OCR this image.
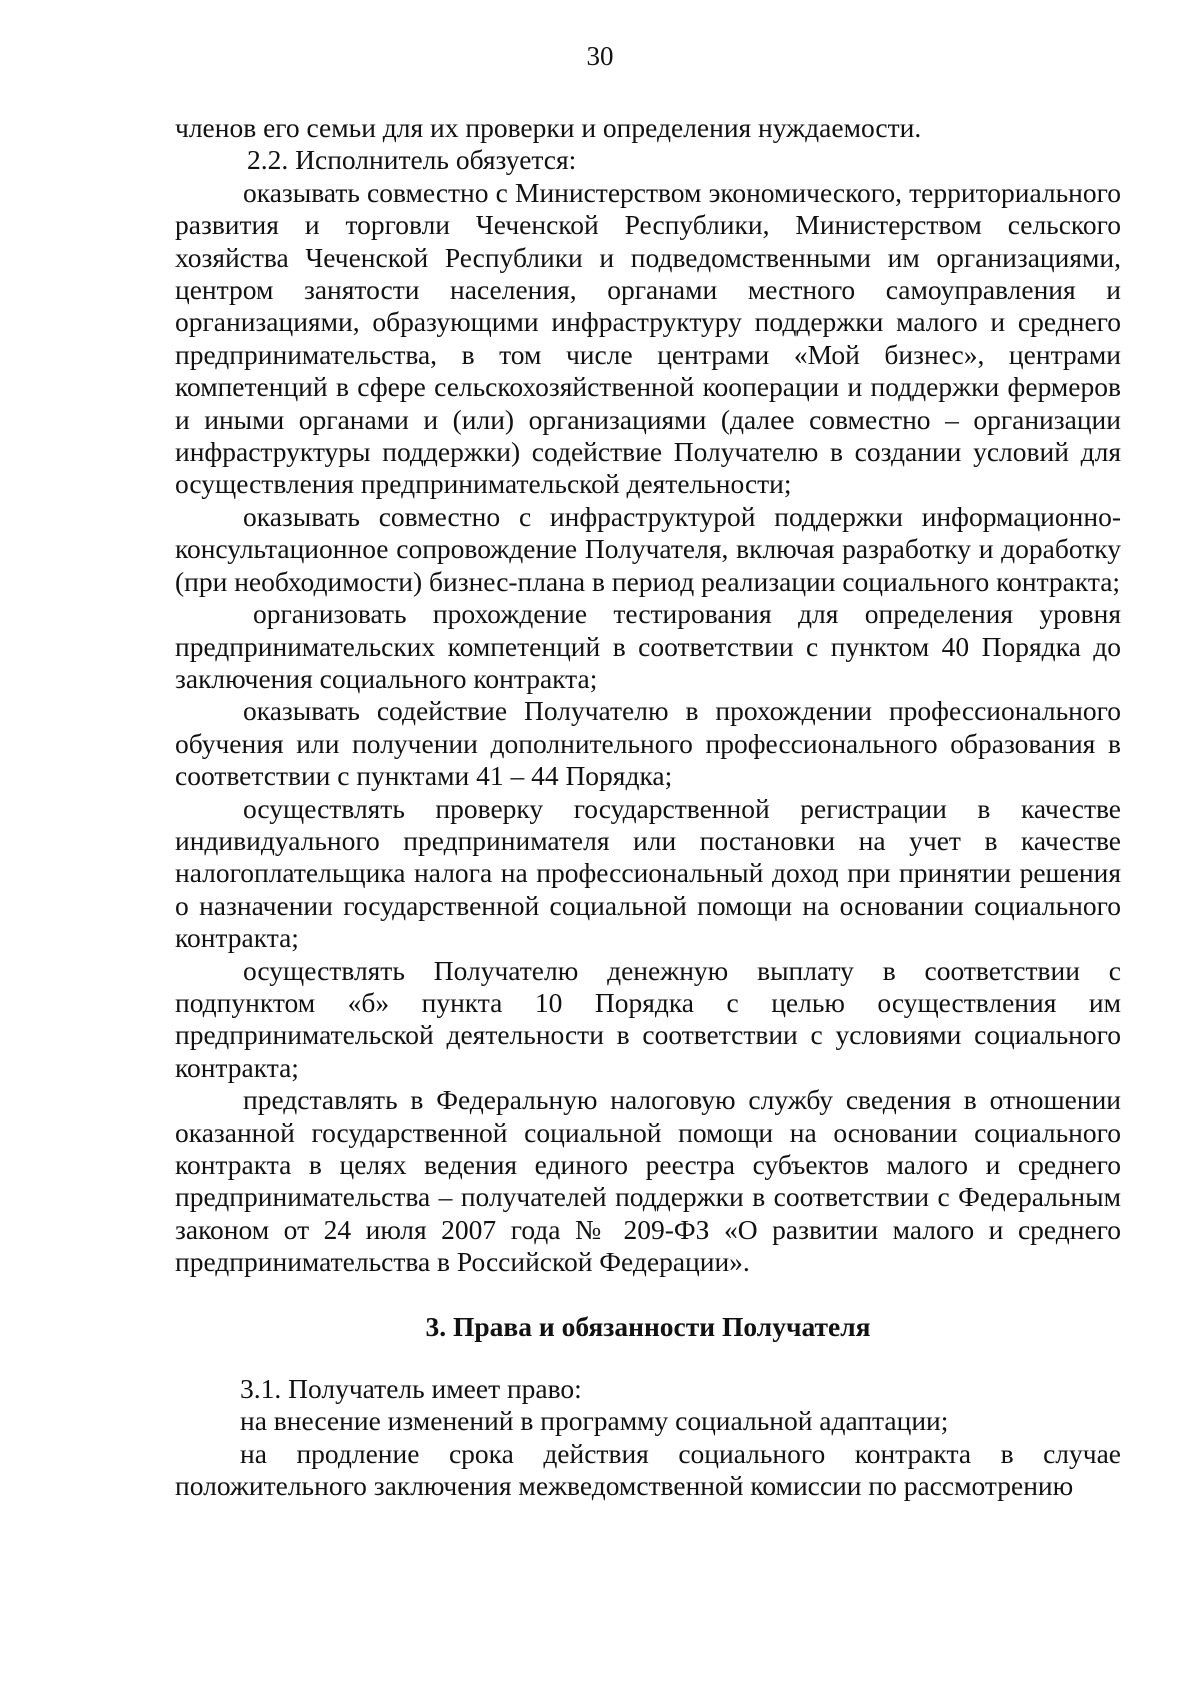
30

членов его семьи для их проверки и определения нуждаемости.

2.2. Исполнитель обязуется:

оказывать совместно с Министерством экономического, территориального развития и торговли Чеченской Республики, Министерством сельского хозяйства Чеченской Республики и подведомственными им организациями, центром занятости населения, органами местного самоуправления и организациями, образующими инфраструктуру поддержки малого и среднего предпринимательства, в том числе центрами «Мой бизнес», центрами компетенций в сфере сельскохозяйственной кооперации и поддержки фермеров и иными органами и (или) организациями (далее совместно – организации инфраструктуры поддержки) содействие Получателю в создании условий для осуществления предпринимательской деятельности;

оказывать совместно с инфраструктурой поддержки информационно-консультационное сопровождение Получателя, включая разработку и доработку (при необходимости) бизнес-плана в период реализации социального контракта;

организовать прохождение тестирования для определения уровня предпринимательских компетенций в соответствии с пунктом 40 Порядка до заключения социального контракта;

оказывать содействие Получателю в прохождении профессионального обучения или получении дополнительного профессионального образования в соответствии с пунктами 41 – 44 Порядка;

осуществлять проверку государственной регистрации в качестве индивидуального предпринимателя или постановки на учет в качестве налогоплательщика налога на профессиональный доход при принятии решения о назначении государственной социальной помощи на основании социального контракта;

осуществлять Получателю денежную выплату в соответствии с подпунктом «б» пункта 10 Порядка с целью осуществления им предпринимательской деятельности в соответствии с условиями социального контракта;

представлять в Федеральную налоговую службу сведения в отношении оказанной государственной социальной помощи на основании социального контракта в целях ведения единого реестра субъектов малого и среднего предпринимательства – получателей поддержки в соответствии с Федеральным законом от 24 июля 2007 года № 209-ФЗ «О развитии малого и среднего предпринимательства в Российской Федерации».

3. Права и обязанности Получателя

3.1. Получатель имеет право:

на внесение изменений в программу социальной адаптации;

на продление срока действия социального контракта в случае положительного заключения межведомственной комиссии по рассмотрению
